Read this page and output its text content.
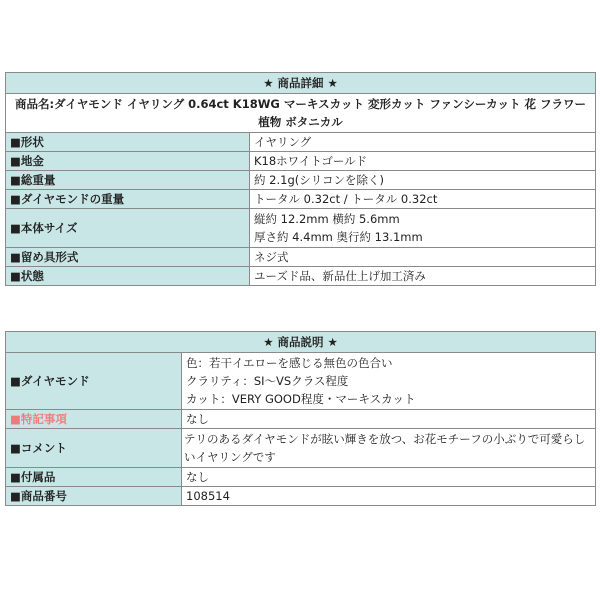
★ 商品詳細 ★	
商品名:ダイヤモンド イヤリング 0.64ct K18WG マーキスカット 変形カット ファンシーカット 花 フラワー 植物 ボタニカル	
■形状	イヤリング

■地金	K18ホワイトゴールド

■総重量	約 2.1g(シリコンを除く)

■ダイヤモンドの重量	トータル 0.32ct / トータル 0.32ct

■本体サイズ	縦約 12.2mm 横約 5.6mm
厚さ約 4.4mm 奥行約 13.1mm

■留め具形式	ネジ式

■状態	ユーズド品、新品仕上げ加工済み
★ 商品説明 ★	
■ダイヤモンド	色：若干イエローを感じる無色の色合い
クラリティ：SI～VSクラス程度
カット：VERY GOOD程度・マーキスカット

■特記事項	なし

■コメント	テリのあるダイヤモンドが眩い輝きを放つ、お花モチーフの小ぶりで可愛らしいイヤリングです

■付属品	なし

■商品番号	108514
